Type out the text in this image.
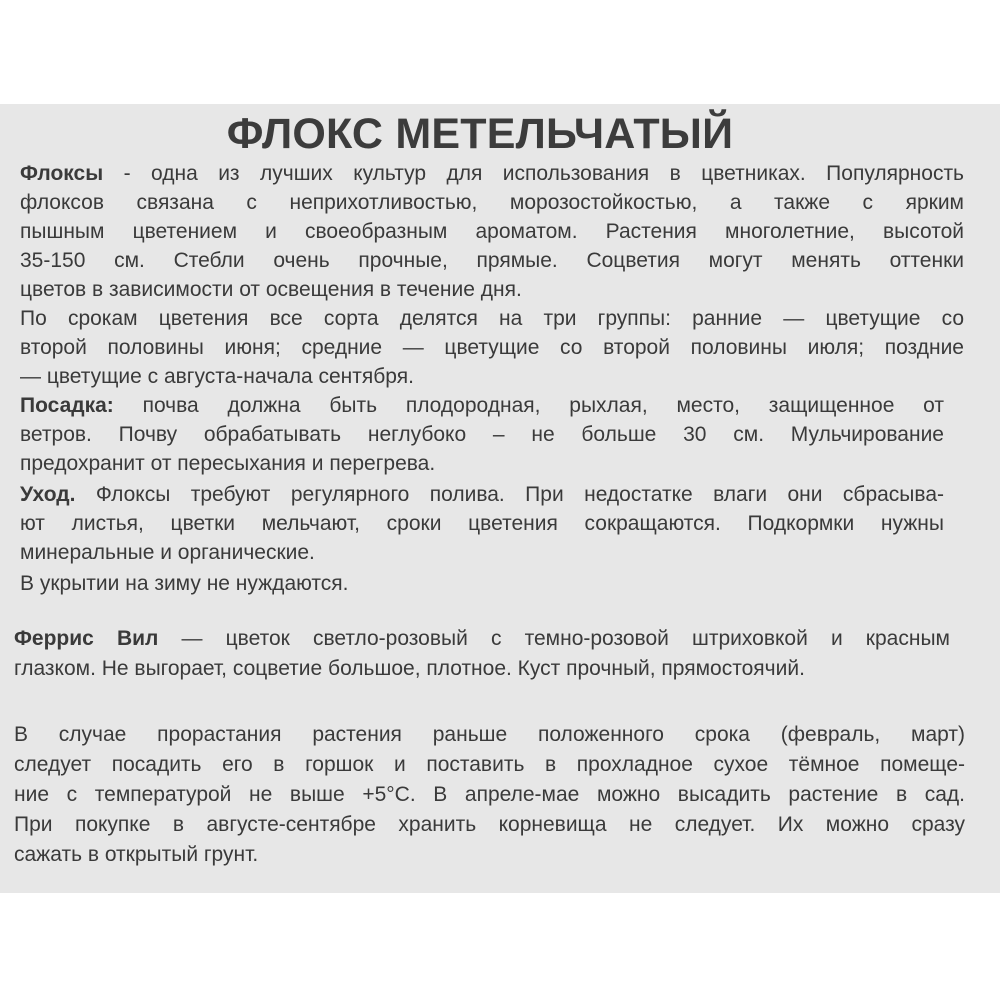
ФЛОКС МЕТЕЛЬЧАТЫЙ
Флоксы - одна из лучших культур для использования в цветниках. Популярность
флоксов связана с неприхотливостью, морозостойкостью, а также с ярким
пышным цветением и своеобразным ароматом. Растения многолетние, высотой
35-150 см. Стебли очень прочные, прямые. Соцветия могут менять оттенки
цветов в зависимости от освещения в течение дня.
По срокам цветения все сорта делятся на три группы: ранние — цветущие со
второй половины июня; средние — цветущие со второй половины июля; поздние
— цветущие с августа-начала сентября.
Посадка: почва должна быть плодородная, рыхлая, место, защищенное от
ветров. Почву обрабатывать неглубоко – не больше 30 см. Мульчирование
предохранит от пересыхания и перегрева.
Уход. Флоксы требуют регулярного полива. При недостатке влаги они сбрасыва-
ют листья, цветки мельчают, сроки цветения сокращаются. Подкормки нужны
минеральные и органические.
В укрытии на зиму не нуждаются.
Феррис Вил — цветок светло-розовый с темно-розовой штриховкой и красным
глазком. Не выгорает, соцветие большое, плотное. Куст прочный, прямостоячий.
В случае прорастания растения раньше положенного срока (февраль, март)
следует посадить его в горшок и поставить в прохладное сухое тёмное помеще-
ние с температурой не выше +5°C. В апреле-мае можно высадить растение в сад.
При покупке в августе-сентябре хранить корневища не следует. Их можно сразу
сажать в открытый грунт.
